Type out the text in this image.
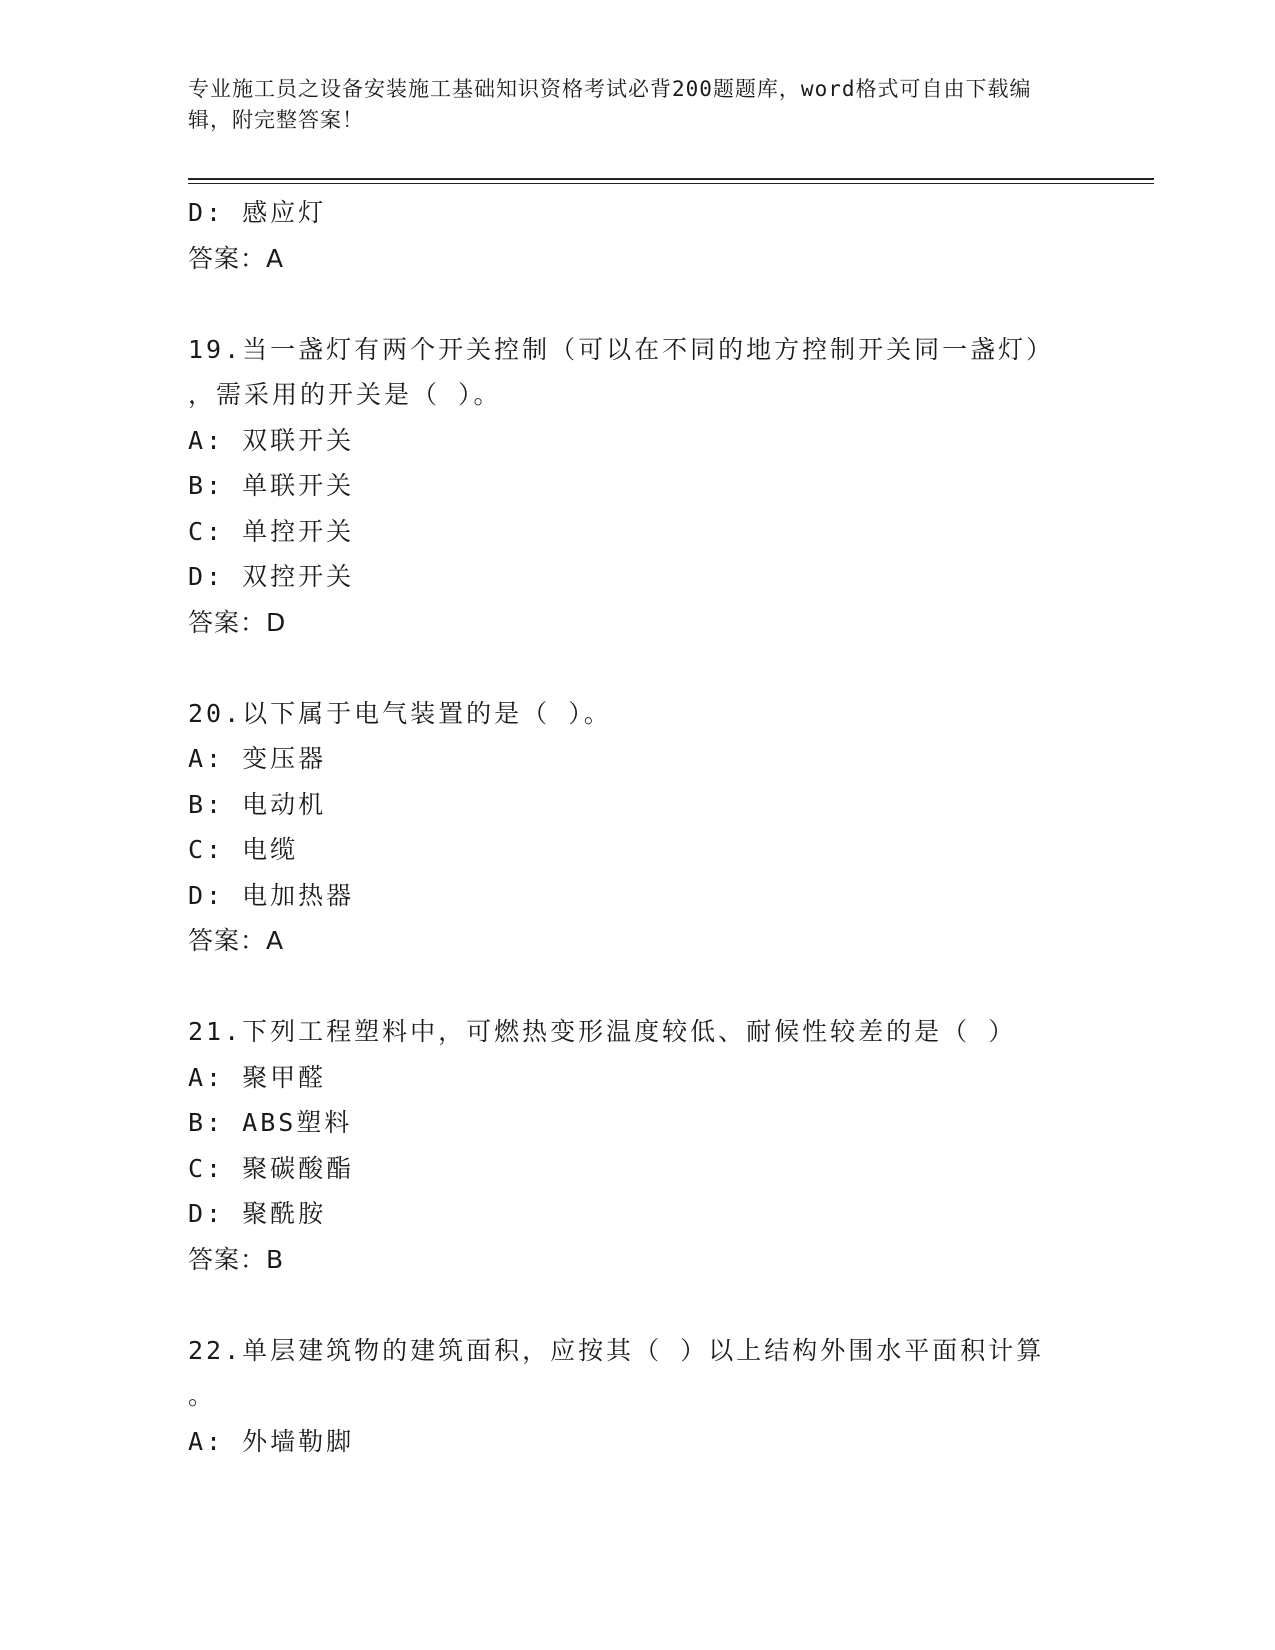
专业施工员之设备安装施工基础知识资格考试必背200题题库，word格式可自由下载编辑，附完整答案！
D: 感应灯
答案：A
19.当一盏灯有两个开关控制（可以在不同的地方控制开关同一盏灯）
，需采用的开关是（ ）。
A: 双联开关
B: 单联开关
C: 单控开关
D: 双控开关
答案：D
20.以下属于电气装置的是（ ）。
A: 变压器
B: 电动机
C: 电缆
D: 电加热器
答案：A
21.下列工程塑料中，可燃热变形温度较低、耐候性较差的是（ ）
A: 聚甲醛
B: ABS塑料
C: 聚碳酸酯
D: 聚酰胺
答案：B
22.单层建筑物的建筑面积，应按其（ ）以上结构外围水平面积计算
。
A: 外墙勒脚
